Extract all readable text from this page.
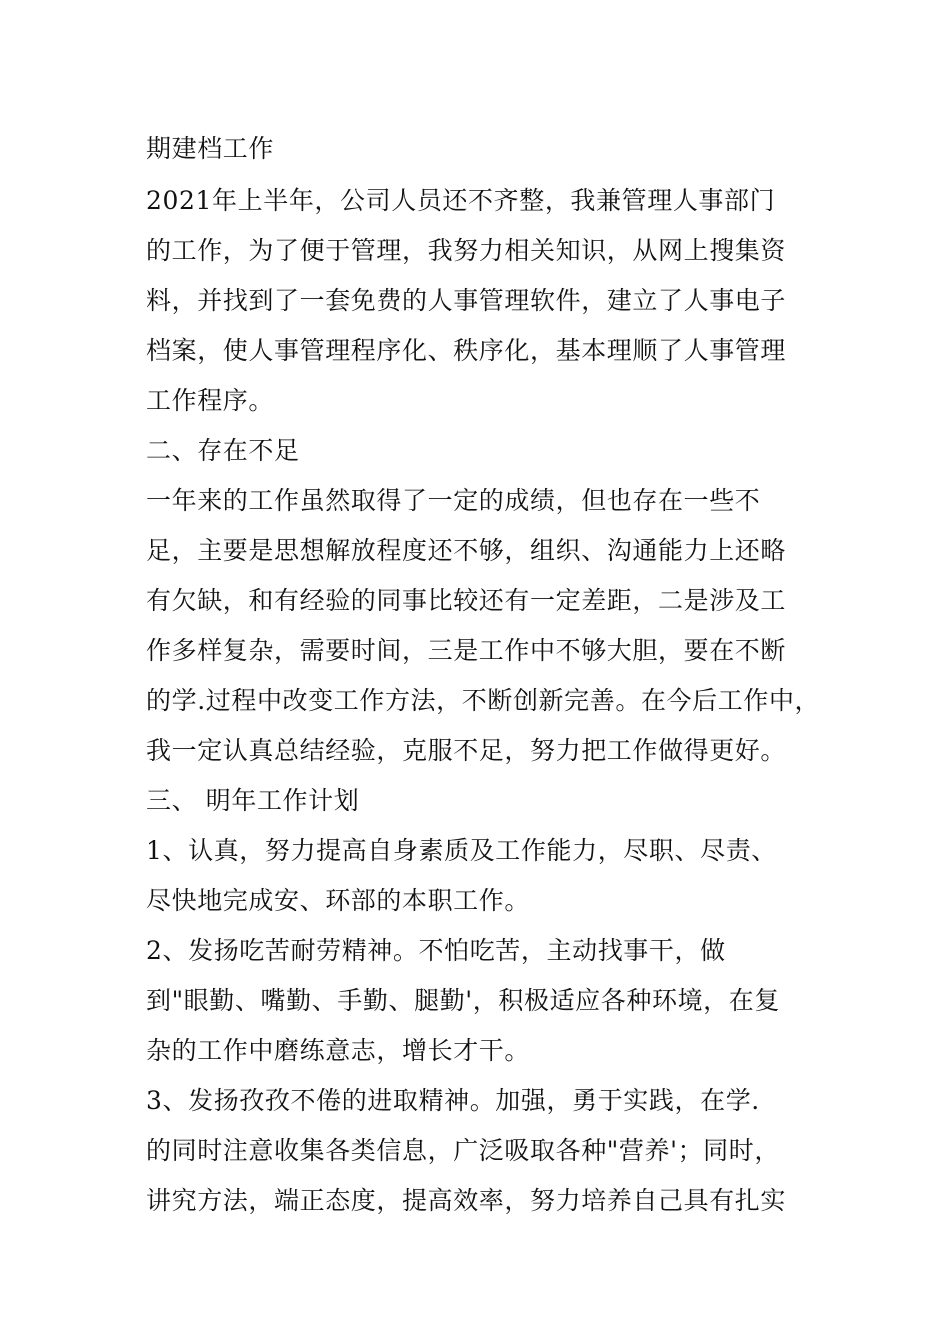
期建档工作
2021年上半年，公司人员还不齐整，我兼管理人事部门
的工作，为了便于管理，我努力相关知识，从网上搜集资
料，并找到了一套免费的人事管理软件，建立了人事电子
档案，使人事管理程序化、秩序化，基本理顺了人事管理
工作程序。
二、存在不足
一年来的工作虽然取得了一定的成绩，但也存在一些不
足，主要是思想解放程度还不够，组织、沟通能力上还略
有欠缺，和有经验的同事比较还有一定差距，二是涉及工
作多样复杂，需要时间，三是工作中不够大胆，要在不断
的学.过程中改变工作方法，不断创新完善。在今后工作中，
我一定认真总结经验，克服不足，努力把工作做得更好。
三、 明年工作计划
1、认真，努力提高自身素质及工作能力，尽职、尽责、
尽快地完成安、环部的本职工作。
2、发扬吃苦耐劳精神。不怕吃苦，主动找事干，做
到"眼勤、嘴勤、手勤、腿勤'，积极适应各种环境，在复
杂的工作中磨练意志，增长才干。
3、发扬孜孜不倦的进取精神。加强，勇于实践，在学.
的同时注意收集各类信息，广泛吸取各种"营养'；同时，
讲究方法，端正态度，提高效率，努力培养自己具有扎实
